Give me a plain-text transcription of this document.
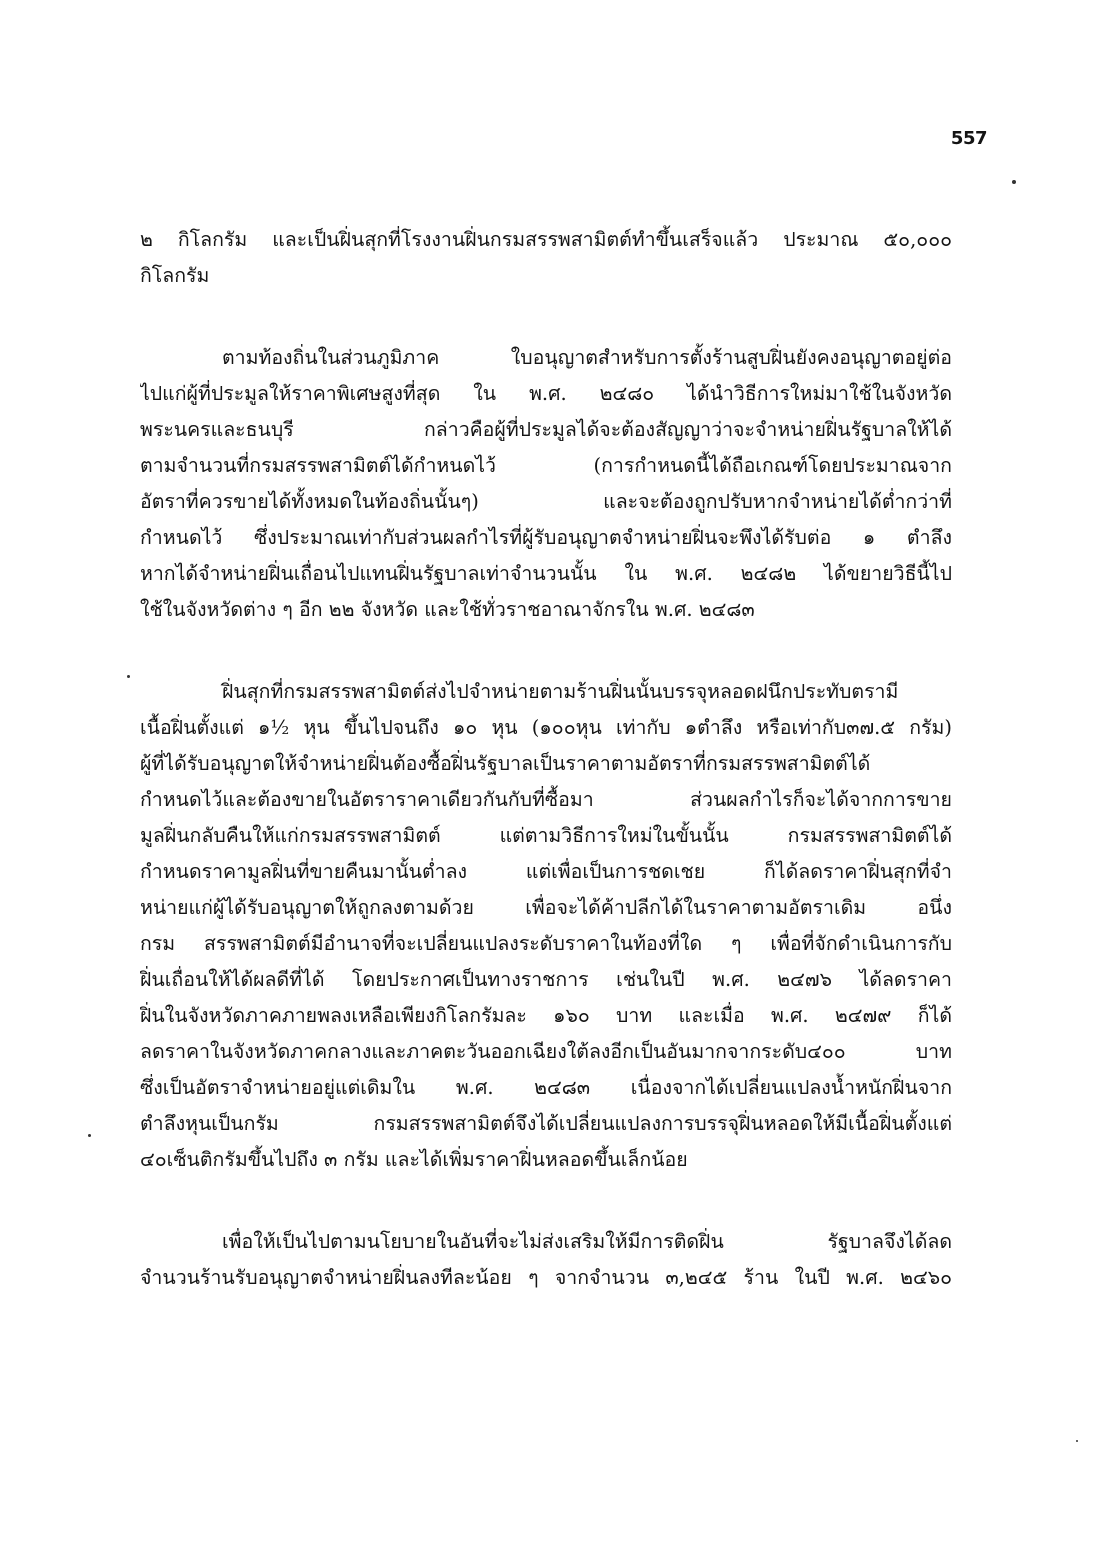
557
๒ กิโลกรัม และเป็นฝิ่นสุกที่โรงงานฝิ่นกรมสรรพสามิตต์ทำขึ้นเสร็จแล้ว ประมาณ ๕๐,๐๐๐
กิโลกรัม
ตามท้องถิ่นในส่วนภูมิภาค ใบอนุญาตสำหรับการตั้งร้านสูบฝิ่นยังคงอนุญาตอยู่ต่อ
ไปแก่ผู้ที่ประมูลให้ราคาพิเศษสูงที่สุด ใน พ.ศ. ๒๔๘๐ ได้นำวิธีการใหม่มาใช้ในจังหวัด
พระนครและธนบุรี กล่าวคือผู้ที่ประมูลได้จะต้องสัญญาว่าจะจำหน่ายฝิ่นรัฐบาลให้ได้
ตามจำนวนที่กรมสรรพสามิตต์ได้กำหนดไว้ (การกำหนดนี้ได้ถือเกณฑ์โดยประมาณจาก
อัตราที่ควรขายได้ทั้งหมดในท้องถิ่นนั้นๆ) และจะต้องถูกปรับหากจำหน่ายได้ต่ำกว่าที่
กำหนดไว้ ซึ่งประมาณเท่ากับส่วนผลกำไรที่ผู้รับอนุญาตจำหน่ายฝิ่นจะพึงได้รับต่อ ๑ ตำลึง
หากได้จำหน่ายฝิ่นเถื่อนไปแทนฝิ่นรัฐบาลเท่าจำนวนนั้น ใน พ.ศ. ๒๔๘๒ ได้ขยายวิธีนี้ไป
ใช้ในจังหวัดต่าง ๆ อีก ๒๒ จังหวัด และใช้ทั่วราชอาณาจักรใน พ.ศ. ๒๔๘๓
ฝิ่นสุกที่กรมสรรพสามิตต์ส่งไปจำหน่ายตามร้านฝิ่นนั้นบรรจุหลอดฝนึกประทับตรามี
เนื้อฝิ่นตั้งแต่ ๑½ หุน ขึ้นไปจนถึง ๑๐ หุน (๑๐๐หุน เท่ากับ ๑ตำลึง หรือเท่ากับ๓๗.๕ กรัม)
ผู้ที่ได้รับอนุญาตให้จำหน่ายฝิ่นต้องซื้อฝิ่นรัฐบาลเป็นราคาตามอัตราที่กรมสรรพสามิตต์ได้
กำหนดไว้และต้องขายในอัตราราคาเดียวกันกับที่ซื้อมา ส่วนผลกำไรก็จะได้จากการขาย
มูลฝิ่นกลับคืนให้แก่กรมสรรพสามิตต์ แต่ตามวิธีการใหม่ในขั้นนั้น กรมสรรพสามิตต์ได้
กำหนดราคามูลฝิ่นที่ขายคืนมานั้นต่ำลง แต่เพื่อเป็นการชดเชย ก็ได้ลดราคาฝิ่นสุกที่จำ
หน่ายแก่ผู้ได้รับอนุญาตให้ถูกลงตามด้วย เพื่อจะได้ค้าปลีกได้ในราคาตามอัตราเดิม อนึ่ง
กรม สรรพสามิตต์มีอำนาจที่จะเปลี่ยนแปลงระดับราคาในท้องที่ใด ๆ เพื่อที่จักดำเนินการกับ
ฝิ่นเถื่อนให้ได้ผลดีที่ได้ โดยประกาศเป็นทางราชการ เช่นในปี พ.ศ. ๒๔๗๖ ได้ลดราคา
ฝิ่นในจังหวัดภาคภายพลงเหลือเพียงกิโลกรัมละ ๑๖๐ บาท และเมื่อ พ.ศ. ๒๔๗๙ ก็ได้
ลดราคาในจังหวัดภาคกลางและภาคตะวันออกเฉียงใต้ลงอีกเป็นอันมากจากระดับ๔๐๐ บาท
ซึ่งเป็นอัตราจำหน่ายอยู่แต่เดิมใน พ.ศ. ๒๔๘๓ เนื่องจากได้เปลี่ยนแปลงน้ำหนักฝิ่นจาก
ตำลึงหุนเป็นกรัม กรมสรรพสามิตต์จึงได้เปลี่ยนแปลงการบรรจุฝิ่นหลอดให้มีเนื้อฝิ่นตั้งแต่
๔๐เซ็นติกรัมขึ้นไปถึง ๓ กรัม และได้เพิ่มราคาฝิ่นหลอดขึ้นเล็กน้อย
เพื่อให้เป็นไปตามนโยบายในอันที่จะไม่ส่งเสริมให้มีการติดฝิ่น รัฐบาลจึงได้ลด
จำนวนร้านรับอนุญาตจำหน่ายฝิ่นลงทีละน้อย ๆ จากจำนวน ๓,๒๔๕ ร้าน ในปี พ.ศ. ๒๔๖๐
